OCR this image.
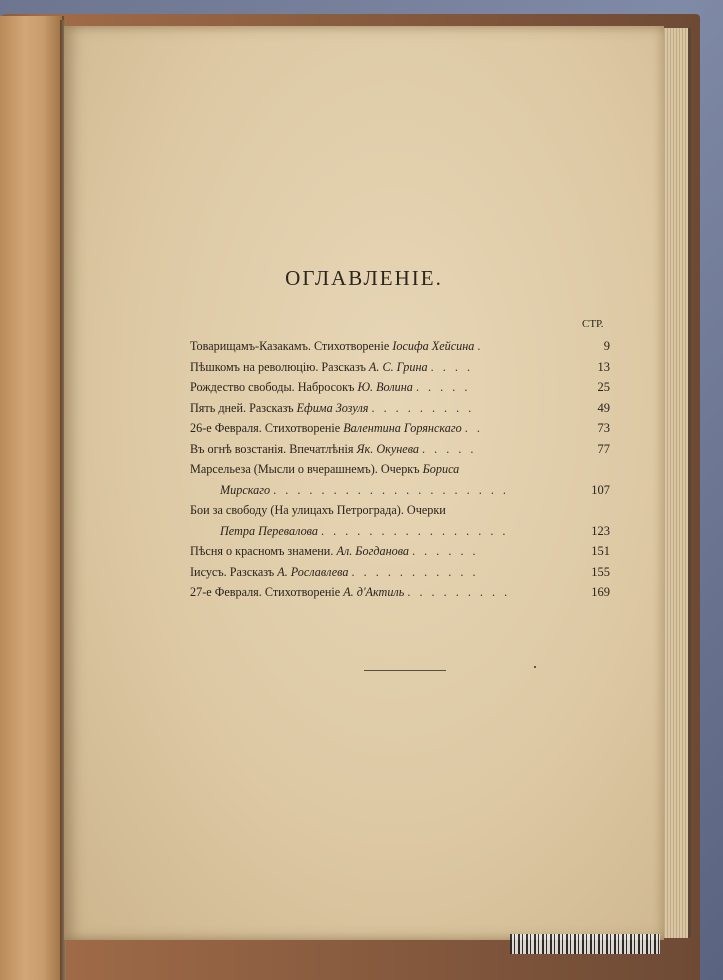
ОГЛАВЛЕНІЕ.
СТР.
Товарищамъ-Казакамъ. Стихотвореніе Іосифа Хейсина .	9
Пѣшкомъ на революцію. Разсказъ А. С. Грина . . . .	13
Рождество свободы. Набросокъ Ю. Волина . . . . .	25
Пять дней. Разсказъ Ефима Зозуля . . . . . . . . .	49
26-е Февраля. Стихотвореніе Валентина Горянскаго . .	73
Въ огнѣ возстанія. Впечатлѣнія Як. Окунева . . . . .	77
Марсельеза (Мысли о вчерашнемъ). Очеркъ Бориса
Мирскаго . . . . . . . . . . . . . . . . . . . .	107
Бои за свободу (На улицахъ Петрограда). Очерки
Петра Перевалова . . . . . . . . . . . . . . . .	123
Пѣсня о красномъ знамени. Ал. Богданова . . . . . .	151
Іисусъ. Разсказъ А. Рославлева . . . . . . . . . . .	155
27-е Февраля. Стихотвореніе А. д'Актиль . . . . . . . . .	169
